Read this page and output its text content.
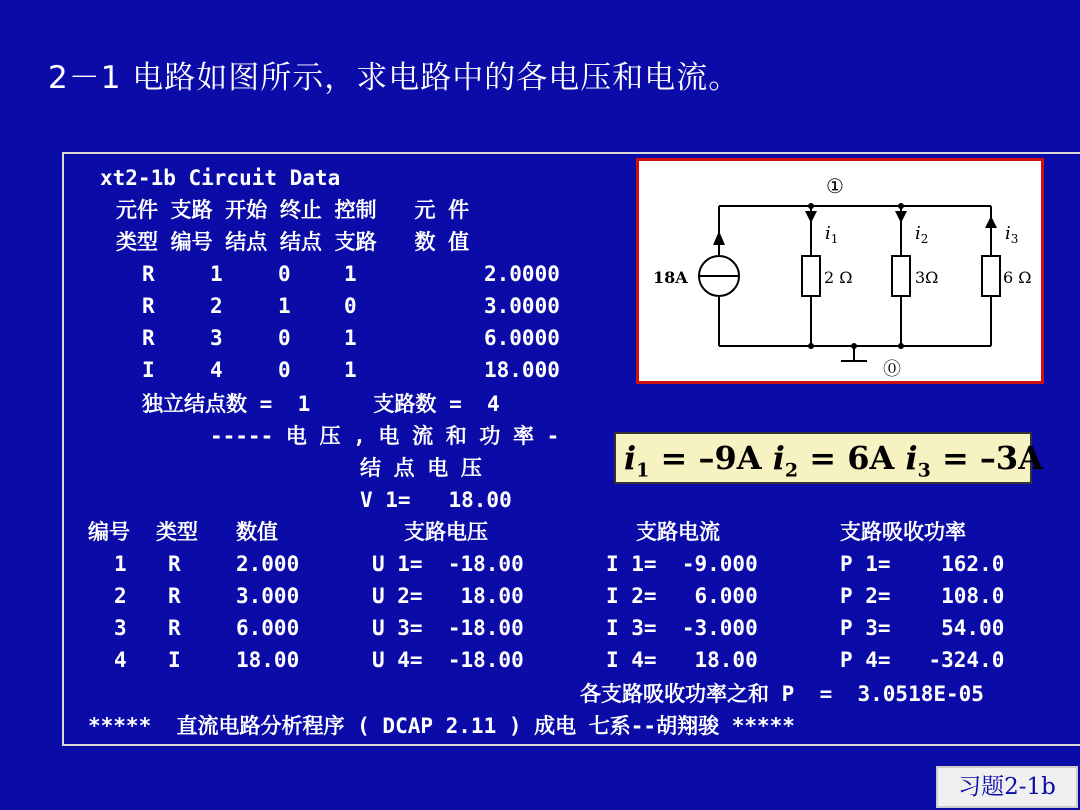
2－1 电路如图所示，求电路中的各电压和电流。
xt2-1b Circuit Data
元件 支路 开始 终止 控制   元 件
类型 编号 结点 结点 支路   数 值
R	1	0	1	2.0000
R	2	1	0	3.0000
R	3	0	1	6.0000
I	4	0	1	18.000
独立结点数 =  1     支路数 =  4
----- 电 压 , 电 流 和 功 率 -
结 点 电 压
V 1=   18.00
编号 类型 数值	支路电压	支路电流	支路吸收功率
1 R	2.000	U 1=  -18.00	I 1=  -9.000	P 1=    162.0
2 R	3.000	U 2=   18.00	I 2=   6.000	P 2=    108.0
3 R	6.000	U 3=  -18.00	I 3=  -3.000	P 3=    54.00
4 I	18.00	U 4=  -18.00	I 4=   18.00	P 4=   -324.0
各支路吸收功率之和 P  =  3.0518E-05
*****  直流电路分析程序 ( DCAP 2.11 ) 成电 七系--胡翔骏 *****
①
⓪
18A	2 Ω	3Ω	6 Ω
$i_1$	$i_2$	$i_3$
$i_1 = -9A$ $i_2 = 6A$ $i_3 = -3A$
习题2-1b
